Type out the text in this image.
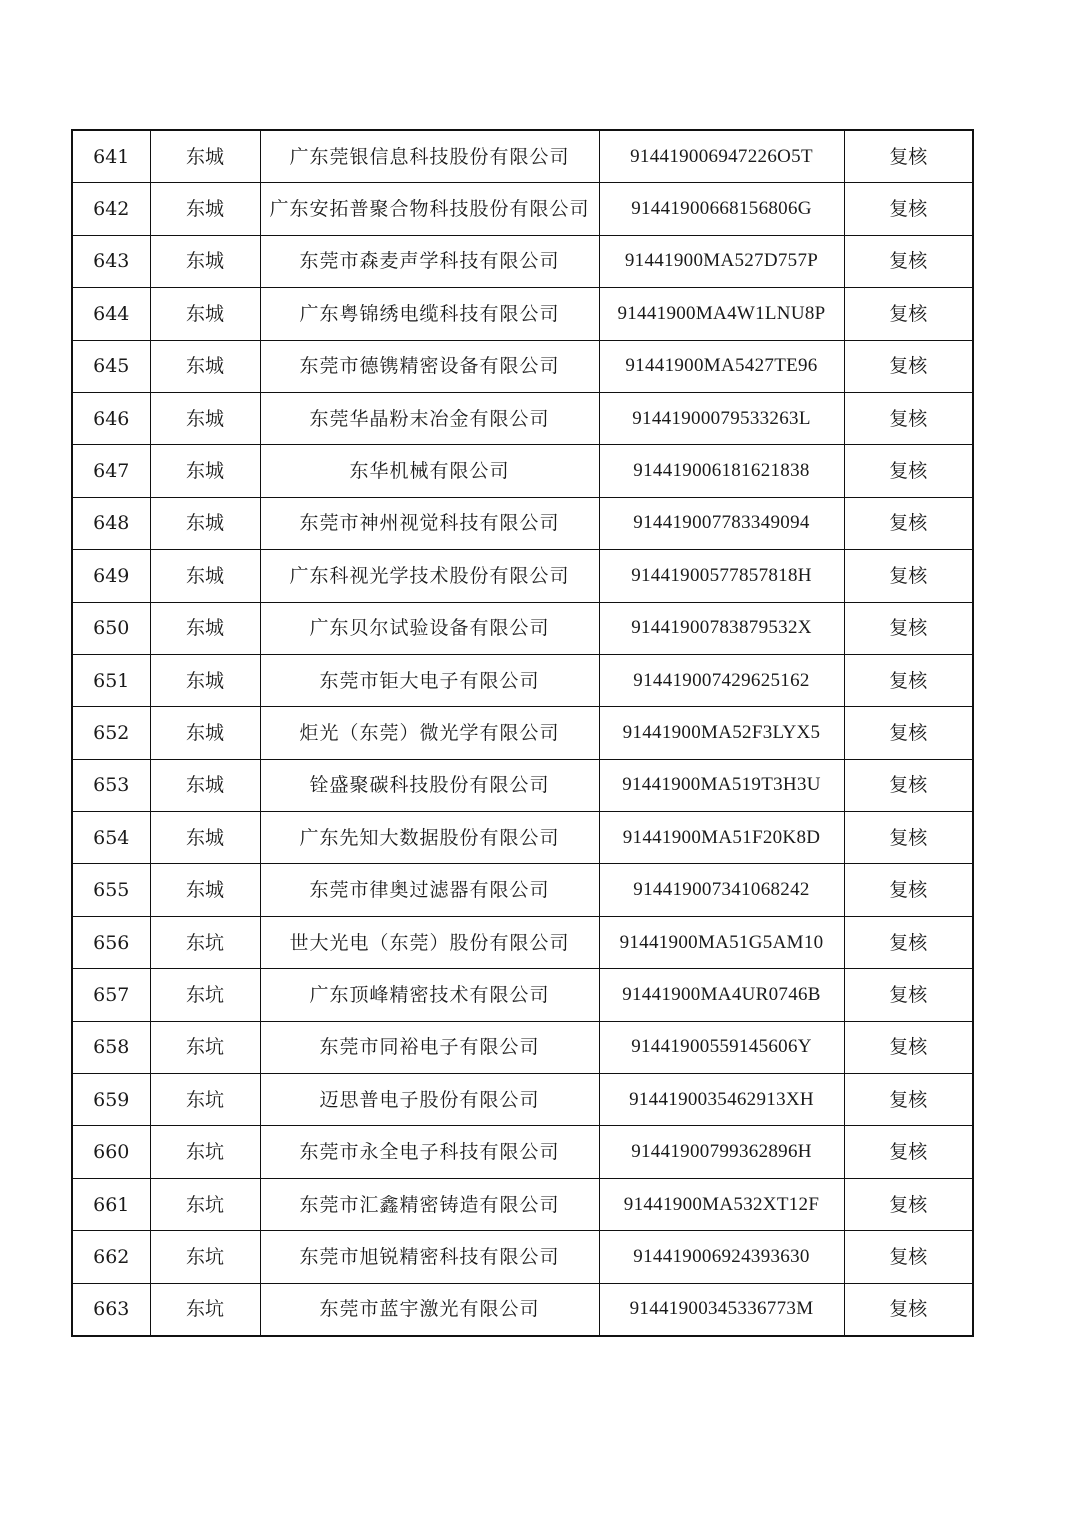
641	东城	广东莞银信息科技股份有限公司	914419006947226O5T	复核
642	东城	广东安拓普聚合物科技股份有限公司	91441900668156806G	复核
643	东城	东莞市森麦声学科技有限公司	91441900MA527D757P	复核
644	东城	广东粤锦绣电缆科技有限公司	91441900MA4W1LNU8P	复核
645	东城	东莞市德镌精密设备有限公司	91441900MA5427TE96	复核
646	东城	东莞华晶粉末冶金有限公司	91441900079533263L	复核
647	东城	东华机械有限公司	914419006181621838	复核
648	东城	东莞市神州视觉科技有限公司	914419007783349094	复核
649	东城	广东科视光学技术股份有限公司	91441900577857818H	复核
650	东城	广东贝尔试验设备有限公司	91441900783879532X	复核
651	东城	东莞市钜大电子有限公司	914419007429625162	复核
652	东城	炬光（东莞）微光学有限公司	91441900MA52F3LYX5	复核
653	东城	铨盛聚碳科技股份有限公司	91441900MA519T3H3U	复核
654	东城	广东先知大数据股份有限公司	91441900MA51F20K8D	复核
655	东城	东莞市律奥过滤器有限公司	914419007341068242	复核
656	东坑	世大光电（东莞）股份有限公司	91441900MA51G5AM10	复核
657	东坑	广东顶峰精密技术有限公司	91441900MA4UR0746B	复核
658	东坑	东莞市同裕电子有限公司	91441900559145606Y	复核
659	东坑	迈思普电子股份有限公司	9144190035462913XH	复核
660	东坑	东莞市永全电子科技有限公司	91441900799362896H	复核
661	东坑	东莞市汇鑫精密铸造有限公司	91441900MA532XT12F	复核
662	东坑	东莞市旭锐精密科技有限公司	914419006924393630	复核
663	东坑	东莞市蓝宇激光有限公司	91441900345336773M	复核
